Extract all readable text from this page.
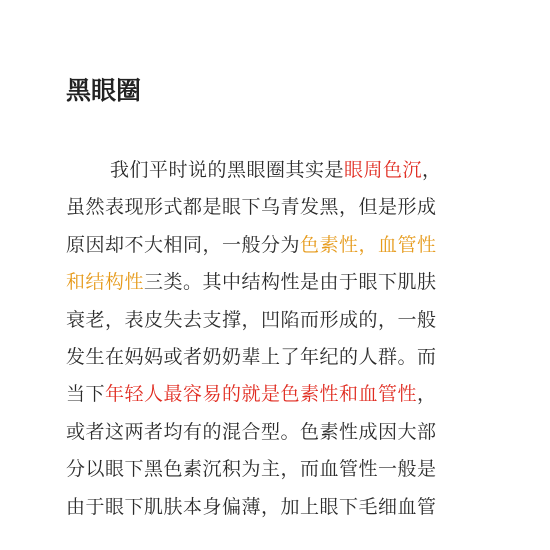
黑眼圈
我们平时说的黑眼圈其实是眼周色沉，
虽然表现形式都是眼下乌青发黑，但是形成
原因却不大相同，一般分为色素性，血管性
和结构性三类。其中结构性是由于眼下肌肤
衰老，表皮失去支撑，凹陷而形成的，一般
发生在妈妈或者奶奶辈上了年纪的人群。而
当下年轻人最容易的就是色素性和血管性，
或者这两者均有的混合型。色素性成因大部
分以眼下黑色素沉积为主，而血管性一般是
由于眼下肌肤本身偏薄，加上眼下毛细血管
